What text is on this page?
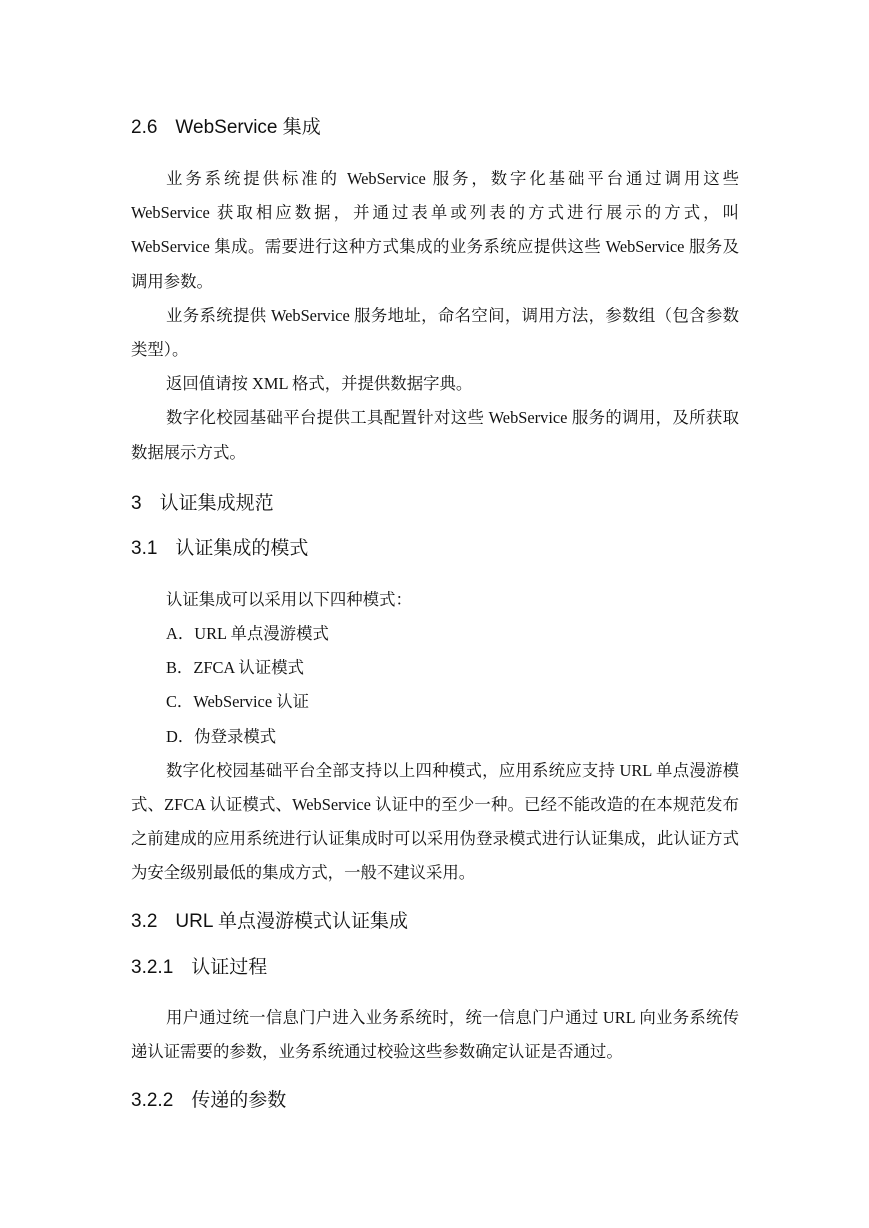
2.6 WebService 集成

业务系统提供标准的 WebService 服务，数字化基础平台通过调用这些 WebService 获取相应数据，并通过表单或列表的方式进行展示的方式，叫 WebService 集成。需要进行这种方式集成的业务系统应提供这些 WebService 服务及调用参数。

业务系统提供 WebService 服务地址，命名空间，调用方法，参数组（包含参数类型）。

返回值请按 XML 格式，并提供数据字典。

数字化校园基础平台提供工具配置针对这些 WebService 服务的调用，及所获取数据展示方式。

3 认证集成规范
3.1 认证集成的模式

认证集成可以采用以下四种模式：

A．URL 单点漫游模式
B．ZFCA 认证模式
C．WebService 认证
D．伪登录模式

数字化校园基础平台全部支持以上四种模式，应用系统应支持 URL 单点漫游模式、ZFCA 认证模式、WebService 认证中的至少一种。已经不能改造的在本规范发布之前建成的应用系统进行认证集成时可以采用伪登录模式进行认证集成，此认证方式为安全级别最低的集成方式，一般不建议采用。

3.2 URL 单点漫游模式认证集成
3.2.1 认证过程

用户通过统一信息门户进入业务系统时，统一信息门户通过 URL 向业务系统传递认证需要的参数，业务系统通过校验这些参数确定认证是否通过。

3.2.2 传递的参数
